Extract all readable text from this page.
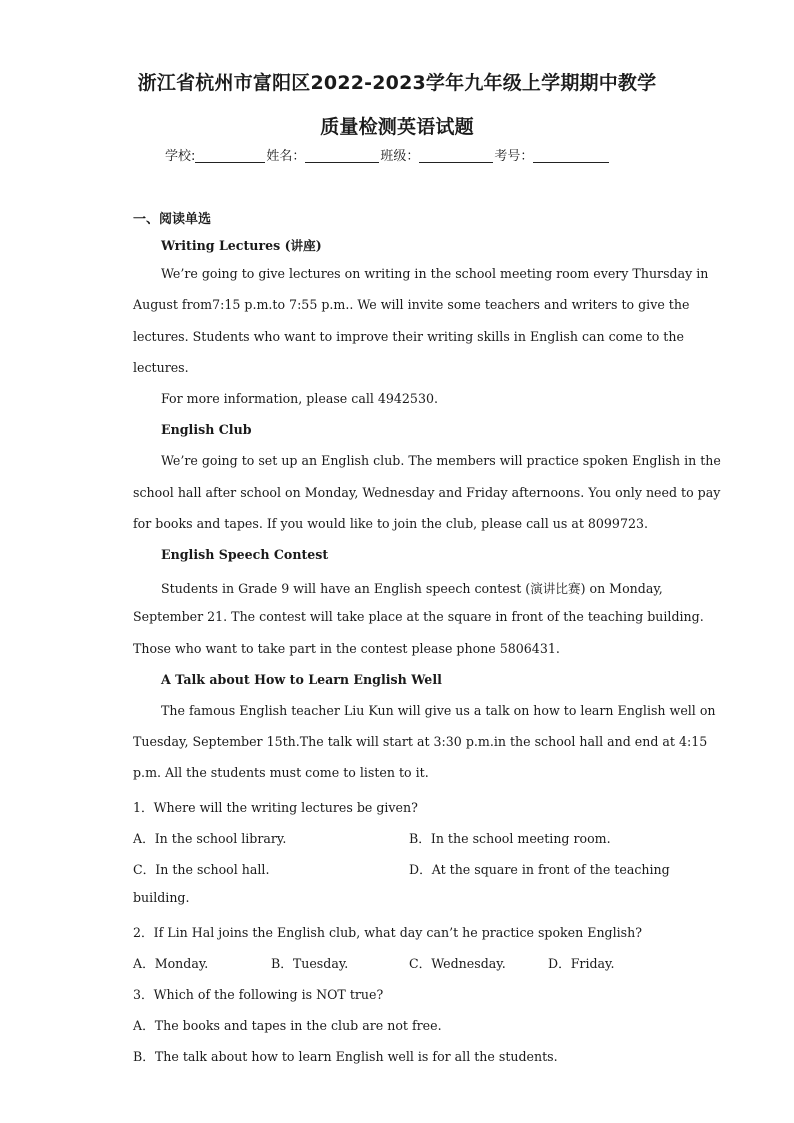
浙江省杭州市富阳区2022-2023学年九年级上学期期中教学
质量检测英语试题
学校:	姓名：	班级：	考号：
一、阅读单选
Writing Lectures (讲座)
We’re going to give lectures on writing in the school meeting room every Thursday in
August from7:15 p.m.to 7:55 p.m.. We will invite some teachers and writers to give the
lectures. Students who want to improve their writing skills in English can come to the
lectures.
For more information, please call 4942530.
English Club
We’re going to set up an English club. The members will practice spoken English in the
school hall after school on Monday, Wednesday and Friday afternoons. You only need to pay
for books and tapes. If you would like to join the club, please call us at 8099723.
English Speech Contest
Students in Grade 9 will have an English speech contest (演讲比赛) on Monday,
September 21. The contest will take place at the square in front of the teaching building.
Those who want to take part in the contest please phone 5806431.
A Talk about How to Learn English Well
The famous English teacher Liu Kun will give us a talk on how to learn English well on
Tuesday, September 15th.The talk will start at 3:30 p.m.in the school hall and end at 4:15
p.m. All the students must come to listen to it.
1．Where will the writing lectures be given?
A．In the school library.	B．In the school meeting room.
C．In the school hall.	D．At the square in front of the teaching
building.
2．If Lin Hal joins the English club, what day can’t he practice spoken English?
A．Monday.	B．Tuesday.	C．Wednesday.	D．Friday.
3．Which of the following is NOT true?
A．The books and tapes in the club are not free.
B．The talk about how to learn English well is for all the students.
